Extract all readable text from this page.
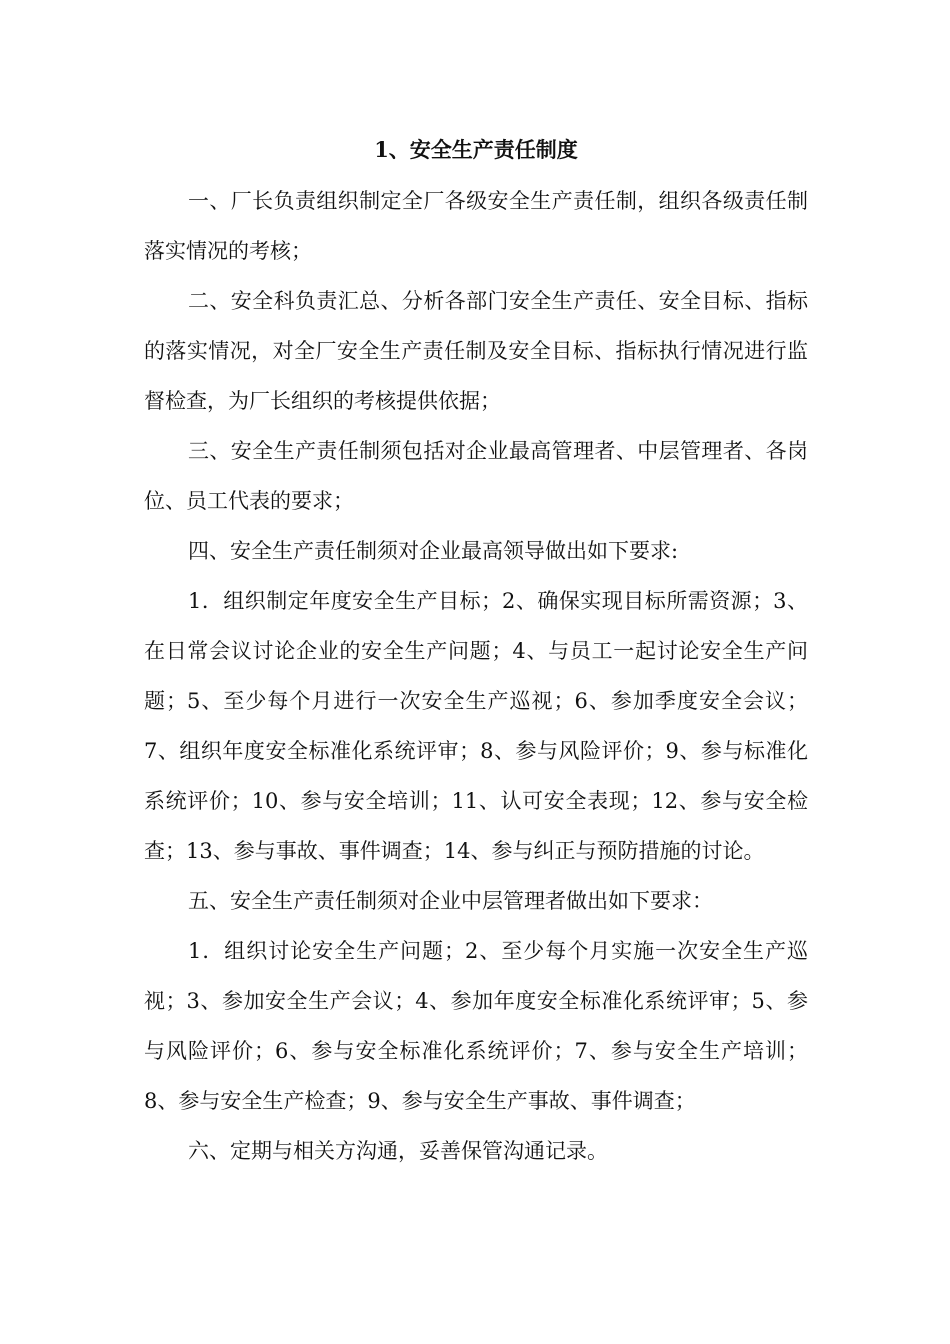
1、安全生产责任制度

一、厂长负责组织制定全厂各级安全生产责任制，组织各级责任制落实情况的考核；

二、安全科负责汇总、分析各部门安全生产责任、安全目标、指标的落实情况，对全厂安全生产责任制及安全目标、指标执行情况进行监督检查，为厂长组织的考核提供依据；

三、安全生产责任制须包括对企业最高管理者、中层管理者、各岗位、员工代表的要求；

四、安全生产责任制须对企业最高领导做出如下要求:

1．组织制定年度安全生产目标；2、确保实现目标所需资源；3、在日常会议讨论企业的安全生产问题；4、与员工一起讨论安全生产问题；5、至少每个月进行一次安全生产巡视；6、参加季度安全会议；7、组织年度安全标准化系统评审；8、参与风险评价；9、参与标准化系统评价；10、参与安全培训；11、认可安全表现；12、参与安全检查；13、参与事故、事件调查；14、参与纠正与预防措施的讨论。

五、安全生产责任制须对企业中层管理者做出如下要求：

1．组织讨论安全生产问题；2、至少每个月实施一次安全生产巡视；3、参加安全生产会议；4、参加年度安全标准化系统评审；5、参与风险评价；6、参与安全标准化系统评价；7、参与安全生产培训；8、参与安全生产检查；9、参与安全生产事故、事件调查；

六、定期与相关方沟通，妥善保管沟通记录。
